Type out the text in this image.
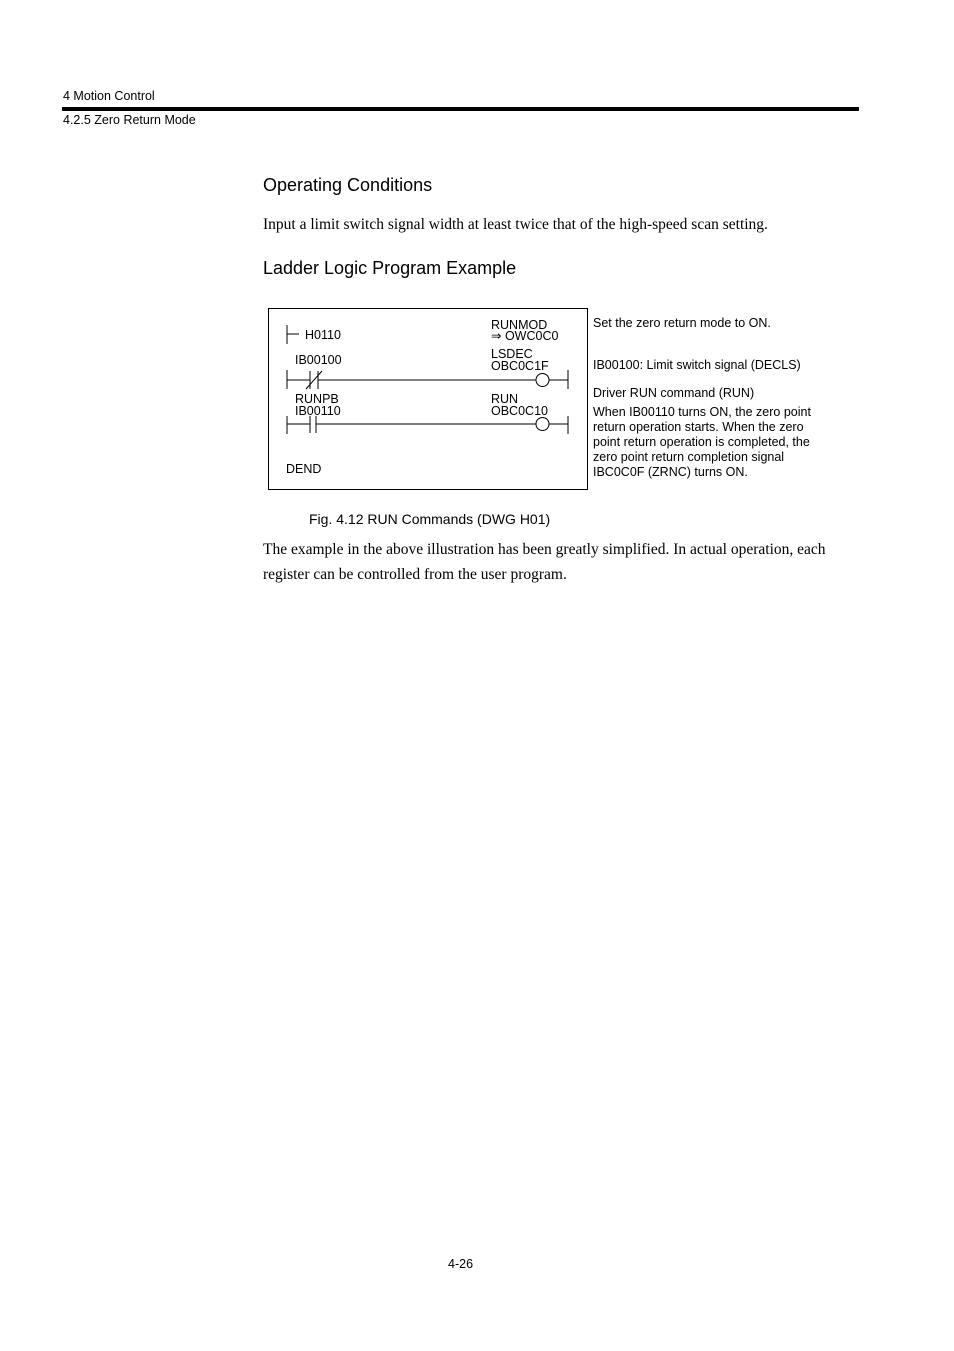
4 Motion Control
4.2.5 Zero Return Mode
Operating Conditions
Input a limit switch signal width at least twice that of the high-speed scan setting.
Ladder Logic Program Example
H0110
RUNMOD
⇒ OWC0C0
IB00100	LSDEC
OBC0C1F
RUNPB
IB00110
RUN
OBC0C10
DEND
Set the zero return mode to ON.
IB00100: Limit switch signal (DECLS)
Driver RUN command (RUN)
When IB00110 turns ON, the zero point return operation starts. When the zero point return operation is completed, the zero point return completion signal IBC0C0F (ZRNC) turns ON.
Fig. 4.12 RUN Commands (DWG H01)
The example in the above illustration has been greatly simplified. In actual operation, each register can be controlled from the user program.
4-26
